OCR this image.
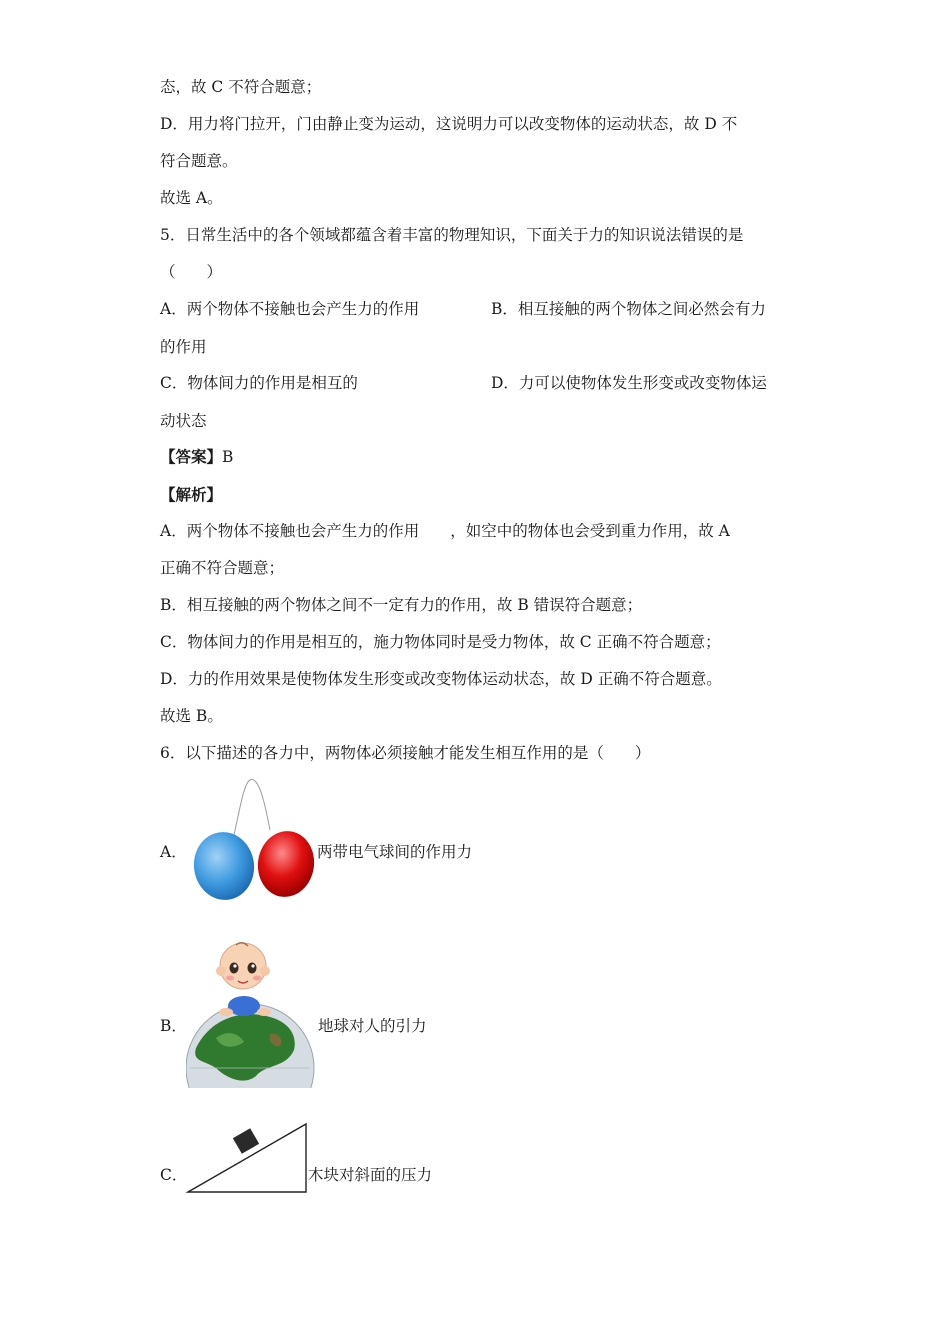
态，故 C 不符合题意；
D．用力将门拉开，门由静止变为运动，这说明力可以改变物体的运动状态，故 D 不
符合题意。
故选 A。
5．日常生活中的各个领域都蕴含着丰富的物理知识，下面关于力的知识说法错误的是
（　　）
A．两个物体不接触也会产生力的作用	B．相互接触的两个物体之间必然会有力
的作用
C．物体间力的作用是相互的	D．力可以使物体发生形变或改变物体运
动状态
【答案】B
【解析】
A．两个物体不接触也会产生力的作用　　，如空中的物体也会受到重力作用，故 A
正确不符合题意；
B．相互接触的两个物体之间不一定有力的作用，故 B 错误符合题意；
C．物体间力的作用是相互的，施力物体同时是受力物体，故 C 正确不符合题意；
D．力的作用效果是使物体发生形变或改变物体运动状态，故 D 正确不符合题意。
故选 B。
6．以下描述的各力中，两物体必须接触才能发生相互作用的是（　　）
A．	两带电气球间的作用力
B．	地球对人的引力
C．	木块对斜面的压力
